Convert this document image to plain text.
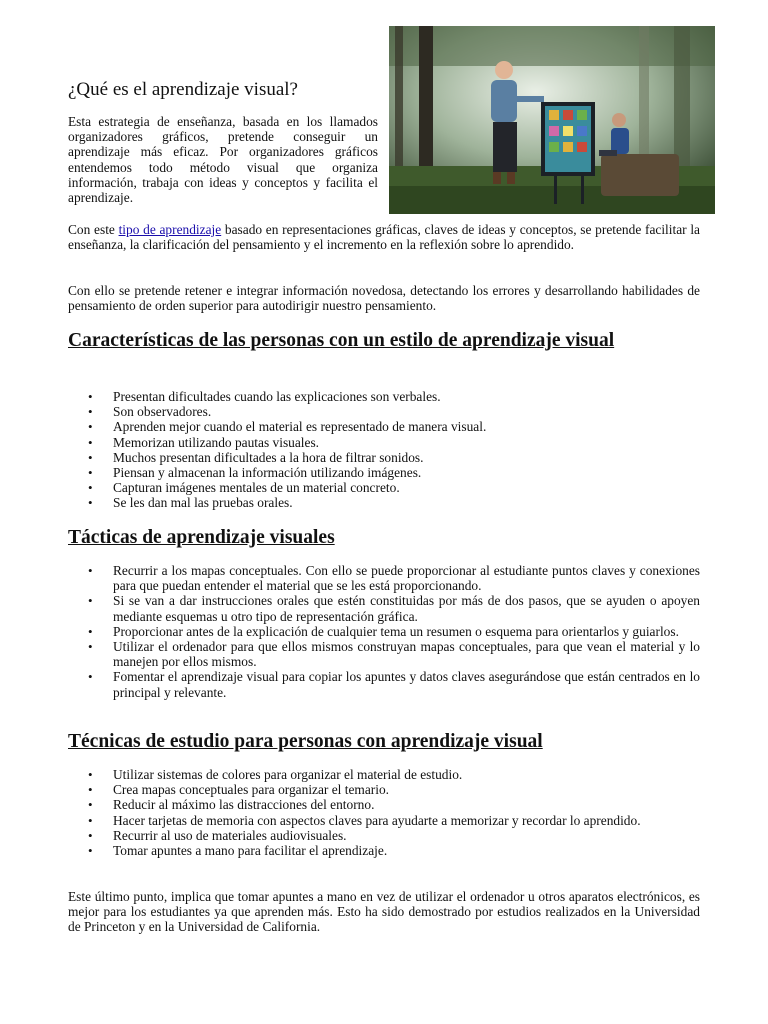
¿Qué es el aprendizaje visual?

Esta estrategia de enseñanza, basada en los llamados organizadores gráficos, pretende conseguir un aprendizaje más eficaz. Por organizadores gráficos entendemos todo método visual que organiza información, trabaja con ideas y conceptos y facilita el aprendizaje.

Con este tipo de aprendizaje basado en representaciones gráficas, claves de ideas y conceptos, se pretende facilitar la enseñanza, la clarificación del pensamiento y el incremento en la reflexión sobre lo aprendido.

Con ello se pretende retener e integrar información novedosa, detectando los errores y desarrollando habilidades de pensamiento de orden superior para autodirigir nuestro pensamiento.

Características de las personas con un estilo de aprendizaje visual
• Presentan dificultades cuando las explicaciones son verbales.
• Son observadores.
• Aprenden mejor cuando el material es representado de manera visual.
• Memorizan utilizando pautas visuales.
• Muchos presentan dificultades a la hora de filtrar sonidos.
• Piensan y almacenan la información utilizando imágenes.
• Capturan imágenes mentales de un material concreto.
• Se les dan mal las pruebas orales.
Tácticas de aprendizaje visuales
• Recurrir a los mapas conceptuales. Con ello se puede proporcionar al estudiante puntos claves y conexiones para que puedan entender el material que se les está proporcionando.
• Si se van a dar instrucciones orales que estén constituidas por más de dos pasos, que se ayuden o apoyen mediante esquemas u otro tipo de representación gráfica.
• Proporcionar antes de la explicación de cualquier tema un resumen o esquema para orientarlos y guiarlos.
• Utilizar el ordenador para que ellos mismos construyan mapas conceptuales, para que vean el material y lo manejen por ellos mismos.
• Fomentar el aprendizaje visual para copiar los apuntes y datos claves asegurándose que están centrados en lo principal y relevante.
Técnicas de estudio para personas con aprendizaje visual
• Utilizar sistemas de colores para organizar el material de estudio.
• Crea mapas conceptuales para organizar el temario.
• Reducir al máximo las distracciones del entorno.
• Hacer tarjetas de memoria con aspectos claves para ayudarte a memorizar y recordar lo aprendido.
• Recurrir al uso de materiales audiovisuales.
• Tomar apuntes a mano para facilitar el aprendizaje.

Este último punto, implica que tomar apuntes a mano en vez de utilizar el ordenador u otros aparatos electrónicos, es mejor para los estudiantes ya que aprenden más. Esto ha sido demostrado por estudios realizados en la Universidad de Princeton y en la Universidad de California.
